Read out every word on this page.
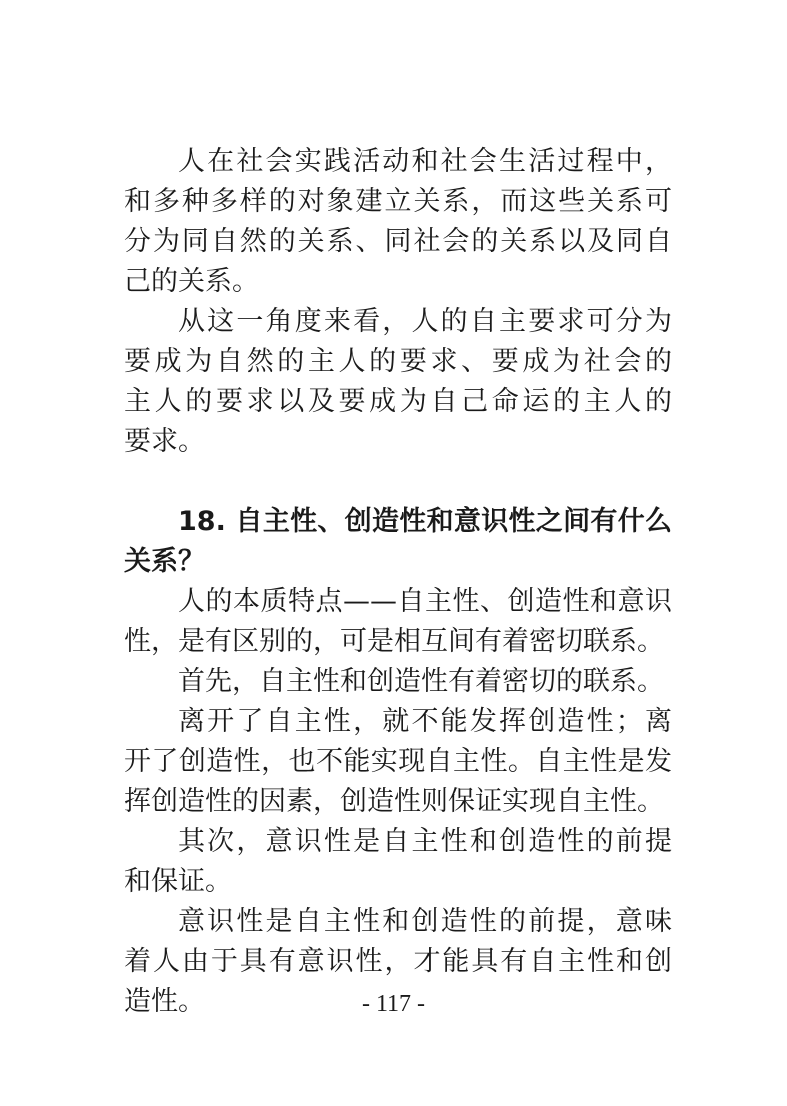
人在社会实践活动和社会生活过程中，
和多种多样的对象建立关系，而这些关系可
分为同自然的关系、同社会的关系以及同自
己的关系。
从这一角度来看，人的自主要求可分为
要成为自然的主人的要求、要成为社会的
主人的要求以及要成为自己命运的主人的
要求。
18. 自主性、创造性和意识性之间有什么
关系？
人的本质特点——自主性、创造性和意识
性，是有区别的，可是相互间有着密切联系。
首先，自主性和创造性有着密切的联系。
离开了自主性，就不能发挥创造性；离
开了创造性，也不能实现自主性。自主性是发
挥创造性的因素，创造性则保证实现自主性。
其次，意识性是自主性和创造性的前提
和保证。
意识性是自主性和创造性的前提，意味
着人由于具有意识性，才能具有自主性和创
造性。	- 117 -
